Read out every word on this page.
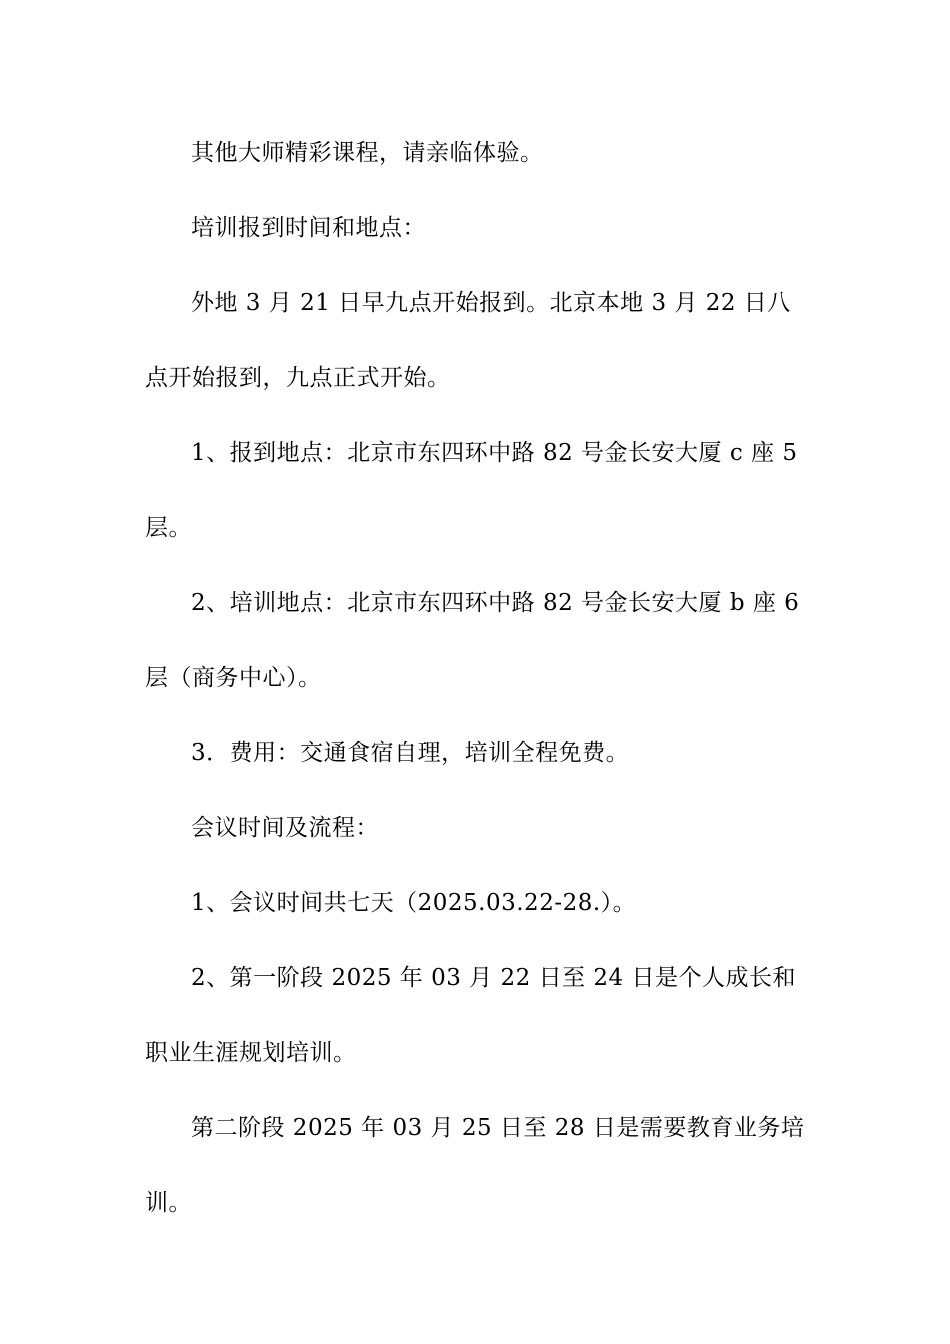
其他大师精彩课程，请亲临体验。

培训报到时间和地点：

外地 3 月 21 日早九点开始报到。北京本地 3 月 22 日八点开始报到，九点正式开始。

1、报到地点：北京市东四环中路 82 号金长安大厦 c 座 5 层。

2、培训地点：北京市东四环中路 82 号金长安大厦 b 座 6 层（商务中心）。

3．费用：交通食宿自理，培训全程免费。

会议时间及流程：

1、会议时间共七天（2025.03.22-28.）。

2、第一阶段 2025 年 03 月 22 日至 24 日是个人成长和职业生涯规划培训。

第二阶段 2025 年 03 月 25 日至 28 日是需要教育业务培训。
